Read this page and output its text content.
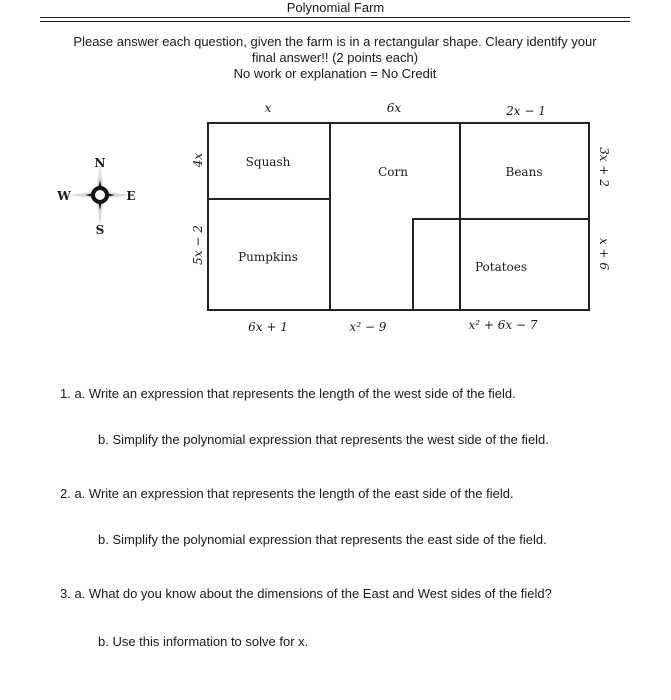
Polynomial Farm
Please answer each question, given the farm is in a rectangular shape. Cleary identify your
final answer!! (2 points each)
No work or explanation = No Credit
N
S
W	E
x	6x	2x − 1
Squash
Pumpkins
Corn	Beans
Potatoes
4x
5x − 2
3x + 2
x + 6
6x + 1	x² − 9	x² + 6x − 7
1. a. Write an expression that represents the length of the west side of the field.
b. Simplify the polynomial expression that represents the west side of the field.
2. a. Write an expression that represents the length of the east side of the field.
b. Simplify the polynomial expression that represents the east side of the field.
3. a. What do you know about the dimensions of the East and West sides of the field?
b. Use this information to solve for x.
